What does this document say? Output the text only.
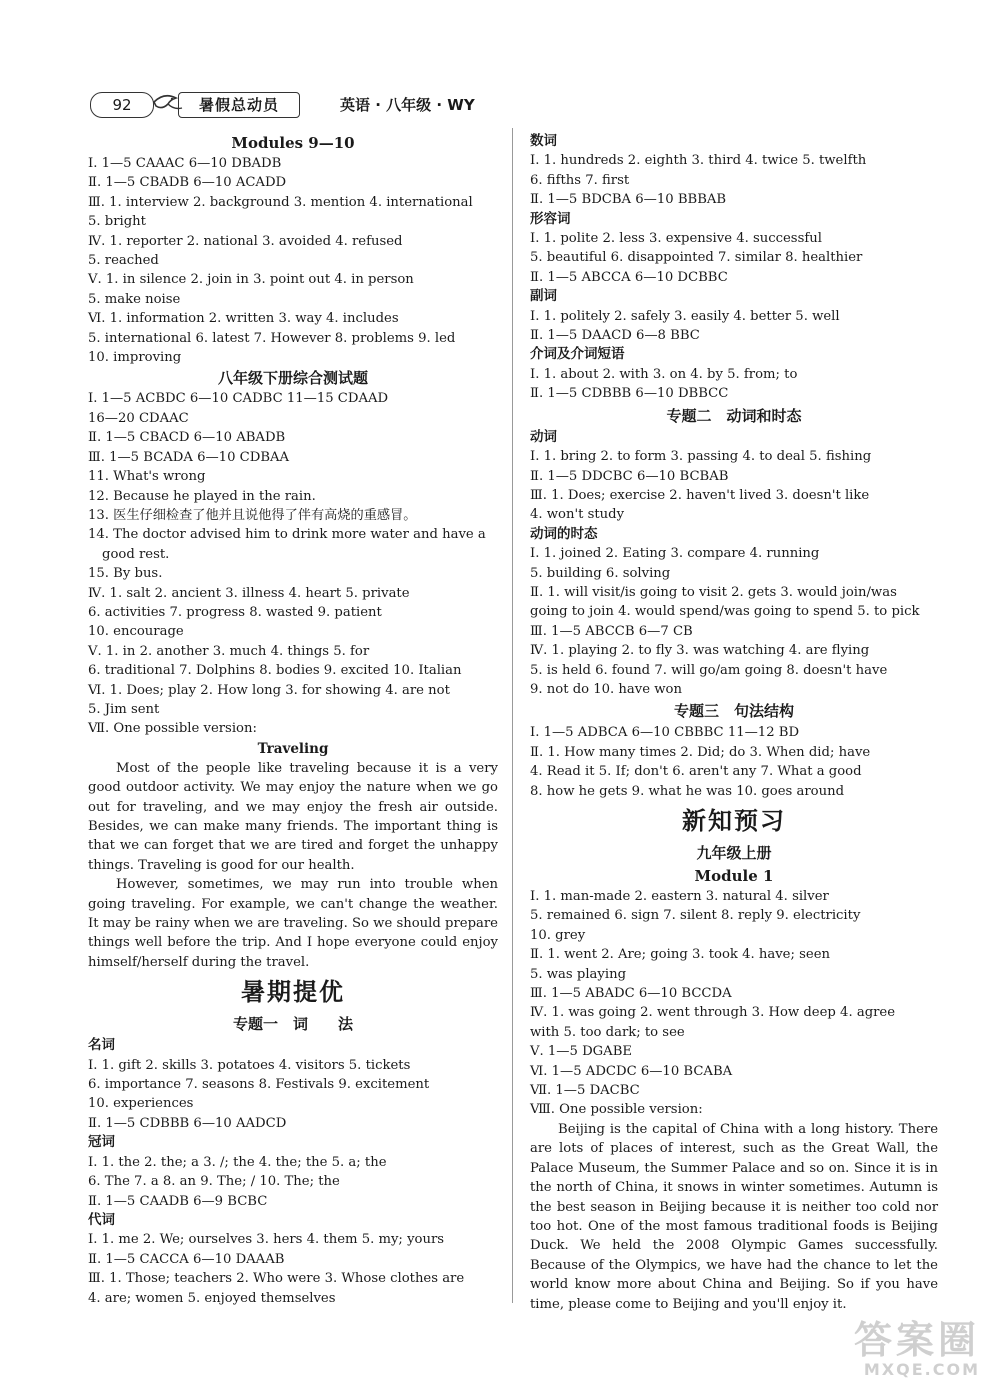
92	暑假总动员	英语 · 八年级 · WY
Modules 9—10
Ⅰ. 1—5 CAAAC 6—10 DBADB
Ⅱ. 1—5 CBADB 6—10 ACADD
Ⅲ. 1. interview 2. background 3. mention 4. international
5. bright
Ⅳ. 1. reporter 2. national 3. avoided 4. refused
5. reached
Ⅴ. 1. in silence 2. join in 3. point out 4. in person
5. make noise
Ⅵ. 1. information 2. written 3. way 4. includes
5. international 6. latest 7. However 8. problems 9. led
10. improving
八年级下册综合测试题
Ⅰ. 1—5 ACBDC 6—10 CADBC 11—15 CDAAD
16—20 CDAAC
Ⅱ. 1—5 CBACD 6—10 ABADB
Ⅲ. 1—5 BCADA 6—10 CDBAA
11. What's wrong
12. Because he played in the rain.
13. 医生仔细检查了他并且说他得了伴有高烧的重感冒。
14. The doctor advised him to drink more water and have a
good rest.
15. By bus.
Ⅳ. 1. salt 2. ancient 3. illness 4. heart 5. private
6. activities 7. progress 8. wasted 9. patient
10. encourage
Ⅴ. 1. in 2. another 3. much 4. things 5. for
6. traditional 7. Dolphins 8. bodies 9. excited 10. Italian
Ⅵ. 1. Does; play 2. How long 3. for showing 4. are not
5. Jim sent
Ⅶ. One possible version:
Traveling
Most of the people like traveling because it is a very good outdoor activity. We may enjoy the nature when we go out for traveling, and we may enjoy the fresh air outside. Besides, we can make many friends. The important thing is that we can forget that we are tired and forget the unhappy things. Traveling is good for our health.
However, sometimes, we may run into trouble when going traveling. For example, we can't change the weather. It may be rainy when we are traveling. So we should prepare things well before the trip. And I hope everyone could enjoy himself/herself during the travel.
暑期提优
专题一　词　　法
名词
Ⅰ. 1. gift 2. skills 3. potatoes 4. visitors 5. tickets
6. importance 7. seasons 8. Festivals 9. excitement
10. experiences
Ⅱ. 1—5 CDBBB 6—10 AADCD
冠词
Ⅰ. 1. the 2. the; a 3. /; the 4. the; the 5. a; the
6. The 7. a 8. an 9. The; / 10. The; the
Ⅱ. 1—5 CAADB 6—9 BCBC
代词
Ⅰ. 1. me 2. We; ourselves 3. hers 4. them 5. my; yours
Ⅱ. 1—5 CACCA 6—10 DAAAB
Ⅲ. 1. Those; teachers 2. Who were 3. Whose clothes are
4. are; women 5. enjoyed themselves
数词
Ⅰ. 1. hundreds 2. eighth 3. third 4. twice 5. twelfth
6. fifths 7. first
Ⅱ. 1—5 BDCBA 6—10 BBBAB
形容词
Ⅰ. 1. polite 2. less 3. expensive 4. successful
5. beautiful 6. disappointed 7. similar 8. healthier
Ⅱ. 1—5 ABCCA 6—10 DCBBC
副词
Ⅰ. 1. politely 2. safely 3. easily 4. better 5. well
Ⅱ. 1—5 DAACD 6—8 BBC
介词及介词短语
Ⅰ. 1. about 2. with 3. on 4. by 5. from; to
Ⅱ. 1—5 CDBBB 6—10 DBBCC
专题二　动词和时态
动词
Ⅰ. 1. bring 2. to form 3. passing 4. to deal 5. fishing
Ⅱ. 1—5 DDCBC 6—10 BCBAB
Ⅲ. 1. Does; exercise 2. haven't lived 3. doesn't like
4. won't study
动词的时态
Ⅰ. 1. joined 2. Eating 3. compare 4. running
5. building 6. solving
Ⅱ. 1. will visit/is going to visit 2. gets 3. would join/was
going to join 4. would spend/was going to spend 5. to pick
Ⅲ. 1—5 ABCCB 6—7 CB
Ⅳ. 1. playing 2. to fly 3. was watching 4. are flying
5. is held 6. found 7. will go/am going 8. doesn't have
9. not do 10. have won
专题三　句法结构
Ⅰ. 1—5 ADBCA 6—10 CBBBC 11—12 BD
Ⅱ. 1. How many times 2. Did; do 3. When did; have
4. Read it 5. If; don't 6. aren't any 7. What a good
8. how he gets 9. what he was 10. goes around
新知预习
九年级上册
Module 1
Ⅰ. 1. man-made 2. eastern 3. natural 4. silver
5. remained 6. sign 7. silent 8. reply 9. electricity
10. grey
Ⅱ. 1. went 2. Are; going 3. took 4. have; seen
5. was playing
Ⅲ. 1—5 ABADC 6—10 BCCDA
Ⅳ. 1. was going 2. went through 3. How deep 4. agree
with 5. too dark; to see
Ⅴ. 1—5 DGABE
Ⅵ. 1—5 ADCDC 6—10 BCABA
Ⅶ. 1—5 DACBC
Ⅷ. One possible version:
Beijing is the capital of China with a long history. There are lots of places of interest, such as the Great Wall, the Palace Museum, the Summer Palace and so on. Since it is in the north of China, it snows in winter sometimes. Autumn is the best season in Beijing because it is neither too cold nor too hot. One of the most famous traditional foods is Beijing Duck. We held the 2008 Olympic Games successfully. Because of the Olympics, we have had the chance to let the world know more about China and Beijing. So if you have time, please come to Beijing and you'll enjoy it.
答案圈
MXQE.COM
